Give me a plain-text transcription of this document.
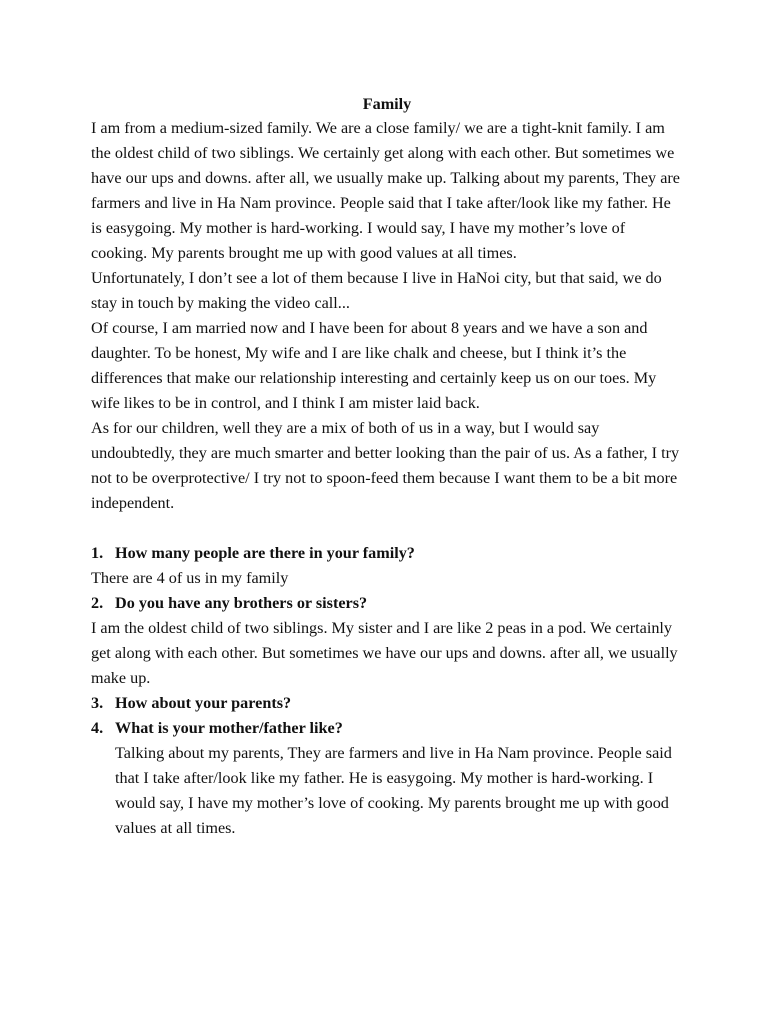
Family

I am from a medium-sized family. We are a close family/ we are a tight-knit family. I am the oldest child of two siblings. We certainly get along with each other. But sometimes we have our ups and downs. after all, we usually make up. Talking about my parents, They are farmers and live in Ha Nam province. People said that I take after/look like my father. He is easygoing. My mother is hard-working. I would say, I have my mother’s love of cooking. My parents brought me up with good values at all times.

Unfortunately, I don’t see a lot of them because I live in HaNoi city, but that said, we do stay in touch by making the video call...

Of course, I am married now and I have been for about 8 years and we have a son and daughter. To be honest, My wife and I are like chalk and cheese, but I think it’s the differences that make our relationship interesting and certainly keep us on our toes. My wife likes to be in control, and I think I am mister laid back.

As for our children, well they are a mix of both of us in a way, but I would say undoubtedly, they are much smarter and better looking than the pair of us. As a father, I try not to be overprotective/ I try not to spoon-feed them because I want them to be a bit more independent.

1. How many people are there in your family?

There are 4 of us in my family

2. Do you have any brothers or sisters?

I am the oldest child of two siblings. My sister and I are like 2 peas in a pod. We certainly get along with each other. But sometimes we have our ups and downs. after all, we usually make up.

3. How about your parents?
4. What is your mother/father like?

Talking about my parents, They are farmers and live in Ha Nam province. People said that I take after/look like my father. He is easygoing. My mother is hard-working. I would say, I have my mother’s love of cooking. My parents brought me up with good values at all times.
